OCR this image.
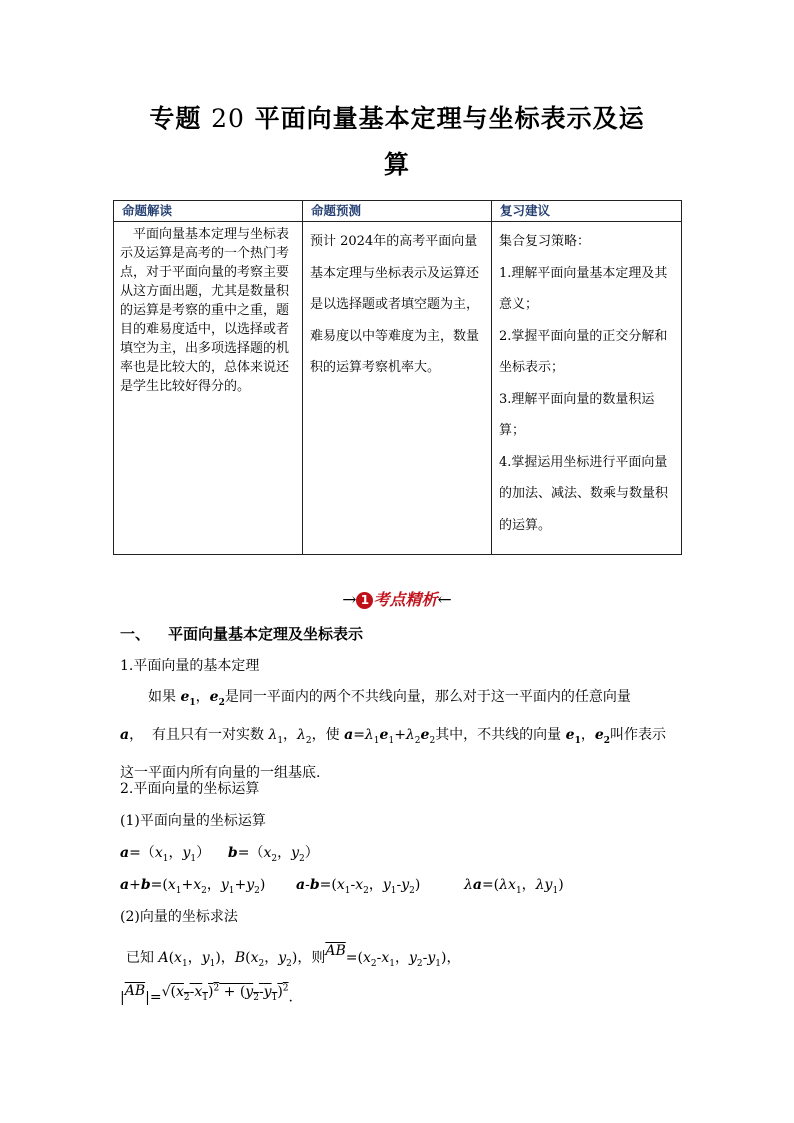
专题 20 平面向量基本定理与坐标表示及运
算
命题解读	命题预测	复习建议
平面向量基本定理与坐标表示及运算是高考的一个热门考点，对于平面向量的考察主要从这方面出题，尤其是数量积的运算是考察的重中之重，题目的难易度适中，以选择或者填空为主，出多项选择题的机率也是比较大的，总体来说还是学生比较好得分的。	预计 2024年的高考平面向量基本定理与坐标表示及运算还是以选择题或者填空题为主，难易度以中等难度为主，数量积的运算考察机率大。	集合复习策略：

1.理解平面向量基本定理及其意义；

2.掌握平面向量的正交分解和坐标表示；

3.理解平面向量的数量积运算；

4.掌握运用坐标进行平面向量的加法、减法、数乘与数量积的运算。

→ 1 考点精析←
一、 平面向量基本定理及坐标表示
1.平面向量的基本定理

如果 $e_1$，$e_2$是同一平面内的两个不共线向量，那么对于这一平面内的任意向量 a，  有且只有一对实数 $\lambda_1$，$\lambda_2$，使 $a=\lambda_1e_1+\lambda_2e_2$其中，不共线的向量 $e_1$，$e_2$叫作表示这一平面内所有向量的一组基底.

2.平面向量的坐标运算
(1)平面向量的坐标运算
$a=(x_1$，$y_1$）    $b=(x_2$，$y_2$）
$a+b=(x_1+x_2$，$y_1+y_2$) $a-b=(x_1-x_2$，$y_1-y_2$)	$\lambda a=(\lambda x_1$，$\lambda y_1$)
(2)向量的坐标求法
已知 $A(x_1$，$y_1$)，$B(x_2$，$y_2$)，则$\overline{AB}=(x_2-x_1$，$y_2-y_1$)，
$|\overline{AB}|=√(x_2-x_1)^2 + (y_2-y_1)^2$.
